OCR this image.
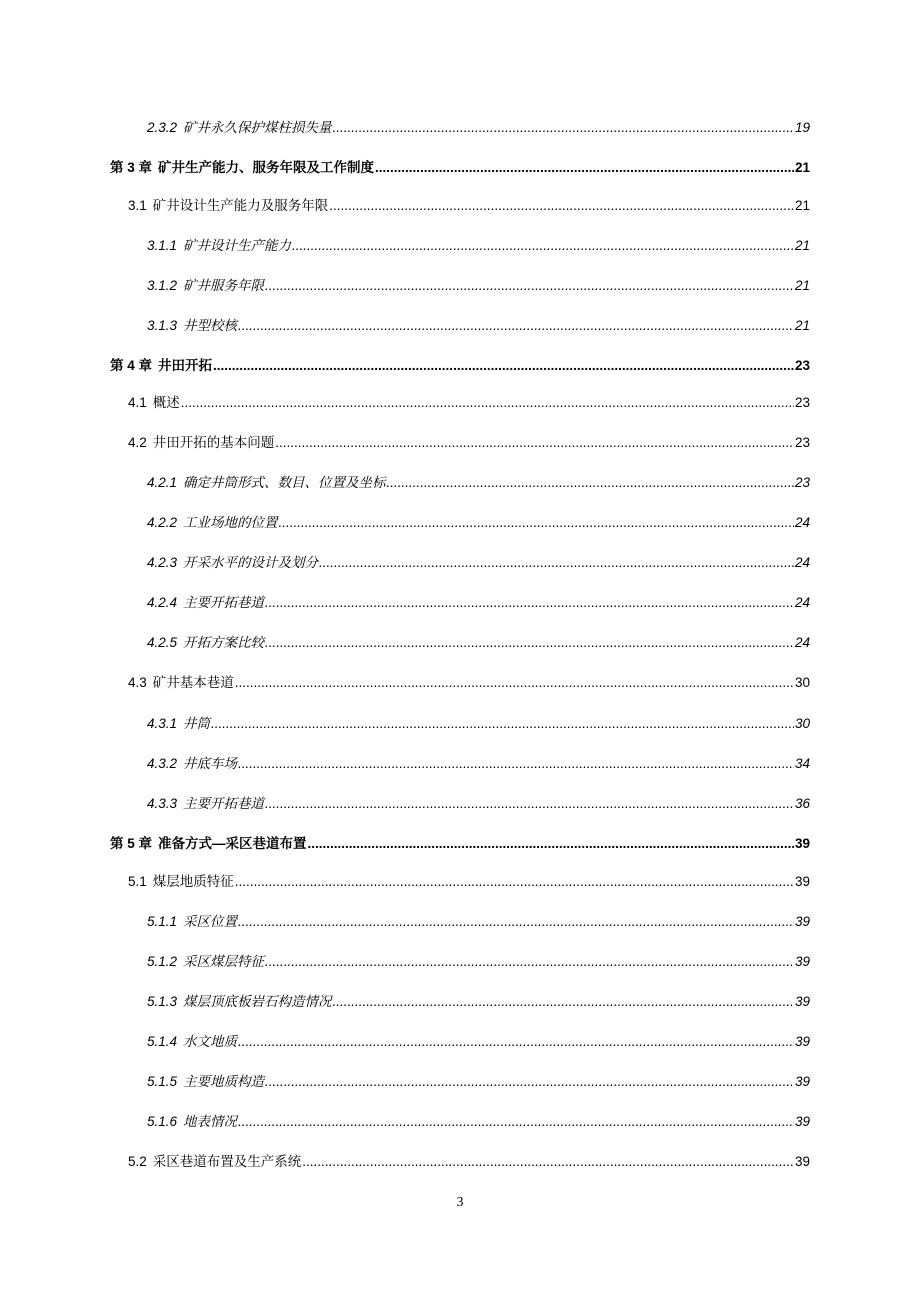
2.3.2 矿井永久保护煤柱损失量 .....	19
第 3 章 矿井生产能力、服务年限及工作制度 .....	21
3.1 矿井设计生产能力及服务年限 .....	21
3.1.1 矿井设计生产能力 .....	21
3.1.2 矿井服务年限 .....	21
3.1.3 井型校核 .....	21
第 4 章 井田开拓 .....	23
4.1 概述 .....	23
4.2 井田开拓的基本问题 .....	23
4.2.1 确定井筒形式、数目、位置及坐标 .....	23
4.2.2 工业场地的位置 .....	24
4.2.3 开采水平的设计及划分 .....	24
4.2.4 主要开拓巷道 .....	24
4.2.5 开拓方案比较 .....	24
4.3 矿井基本巷道 .....	30
4.3.1 井筒 .....	30
4.3.2 井底车场 .....	34
4.3.3 主要开拓巷道 .....	36
第 5 章 准备方式—采区巷道布置 .....	39
5.1 煤层地质特征 .....	39
5.1.1 采区位置 .....	39
5.1.2 采区煤层特征 .....	39
5.1.3 煤层顶底板岩石构造情况 .....	39
5.1.4 水文地质 .....	39
5.1.5 主要地质构造 .....	39
5.1.6 地表情况 .....	39
5.2 采区巷道布置及生产系统 .....	39
3
